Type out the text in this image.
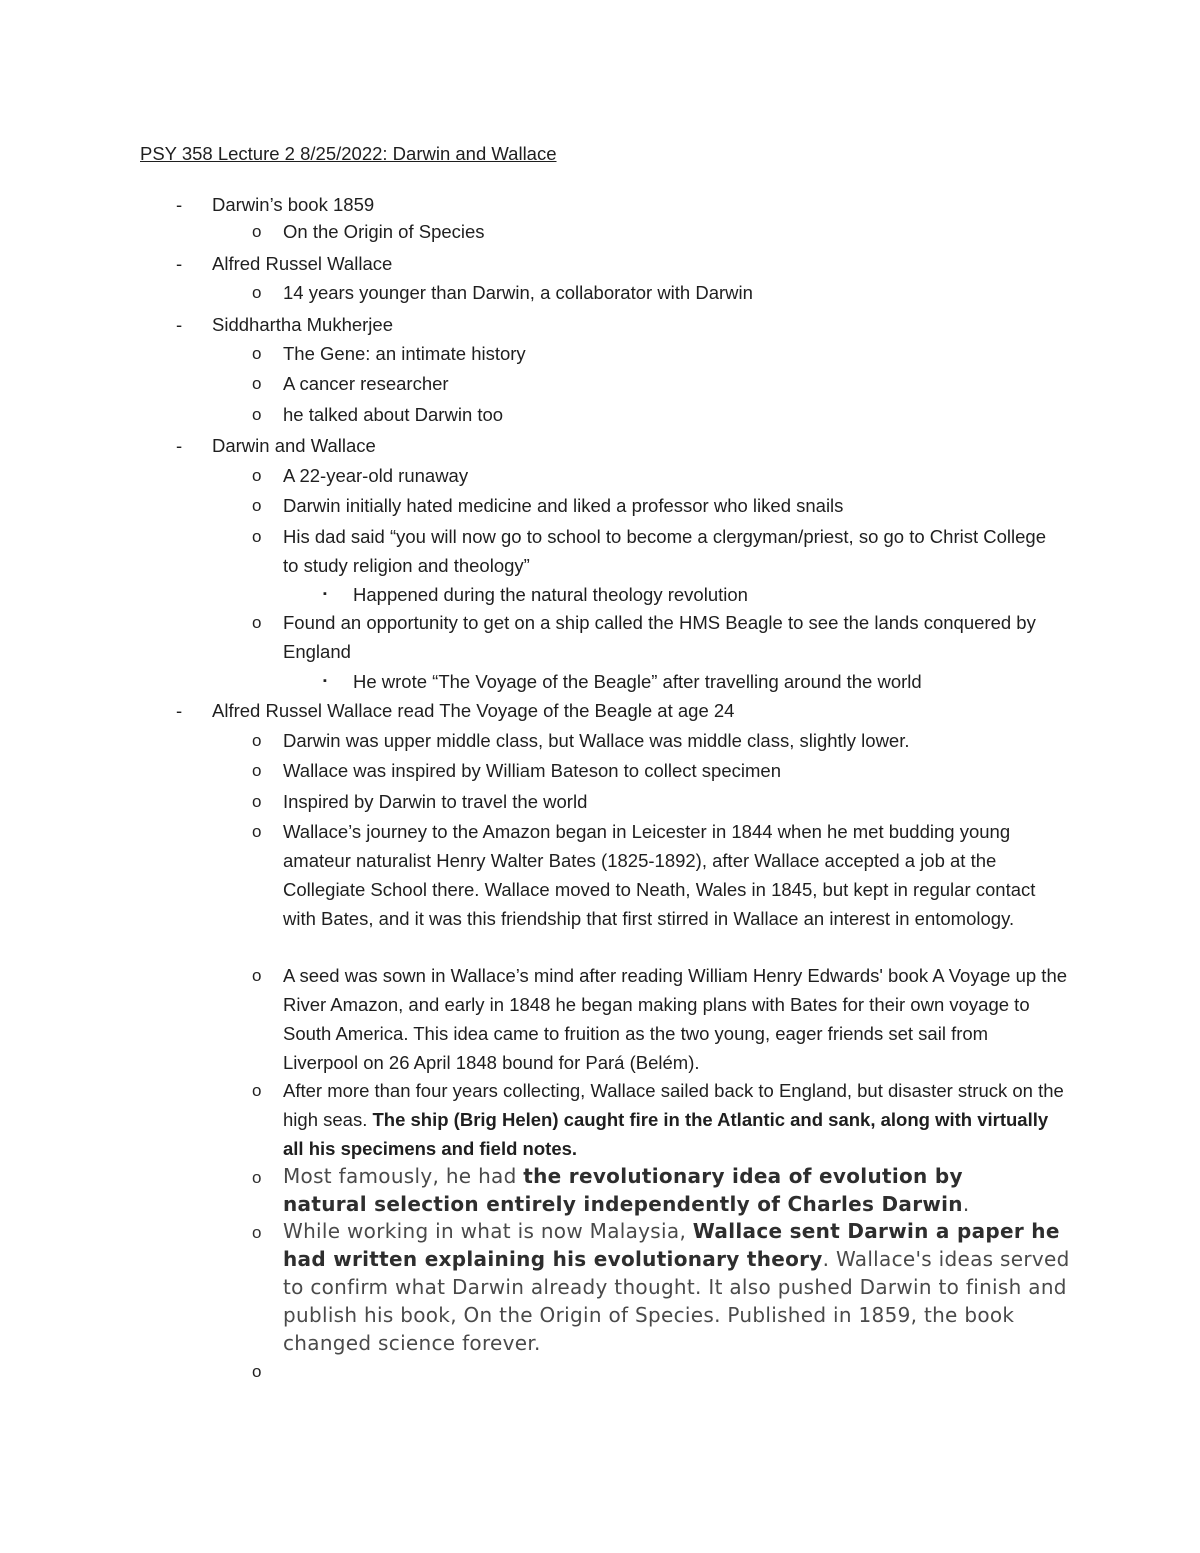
PSY 358 Lecture 2 8/25/2022: Darwin and Wallace
- Darwin’s book 1859
o On the Origin of Species
- Alfred Russel Wallace
o 14 years younger than Darwin, a collaborator with Darwin
- Siddhartha Mukherjee
o The Gene: an intimate history
o A cancer researcher
o he talked about Darwin too
- Darwin and Wallace
o A 22-year-old runaway
o Darwin initially hated medicine and liked a professor who liked snails
o His dad said “you will now go to school to become a clergyman/priest, so go to Christ College to study religion and theology”
▪ Happened during the natural theology revolution
o Found an opportunity to get on a ship called the HMS Beagle to see the lands conquered by England
▪ He wrote “The Voyage of the Beagle” after travelling around the world
- Alfred Russel Wallace read The Voyage of the Beagle at age 24
o Darwin was upper middle class, but Wallace was middle class, slightly lower.
o Wallace was inspired by William Bateson to collect specimen
o Inspired by Darwin to travel the world
o Wallace’s journey to the Amazon began in Leicester in 1844 when he met budding young amateur naturalist Henry Walter Bates (1825-1892), after Wallace accepted a job at the Collegiate School there. Wallace moved to Neath, Wales in 1845, but kept in regular contact with Bates, and it was this friendship that first stirred in Wallace an interest in entomology.
o A seed was sown in Wallace’s mind after reading William Henry Edwards' book A Voyage up the River Amazon, and early in 1848 he began making plans with Bates for their own voyage to South America. This idea came to fruition as the two young, eager friends set sail from Liverpool on 26 April 1848 bound for Pará (Belém).
o After more than four years collecting, Wallace sailed back to England, but disaster struck on the high seas. The ship (Brig Helen) caught fire in the Atlantic and sank, along with virtually all his specimens and field notes.
o Most famously, he had the revolutionary idea of evolution by natural selection entirely independently of Charles Darwin.
o While working in what is now Malaysia, Wallace sent Darwin a paper he had written explaining his evolutionary theory. Wallace's ideas served to confirm what Darwin already thought. It also pushed Darwin to finish and publish his book, On the Origin of Species. Published in 1859, the book changed science forever.
o
